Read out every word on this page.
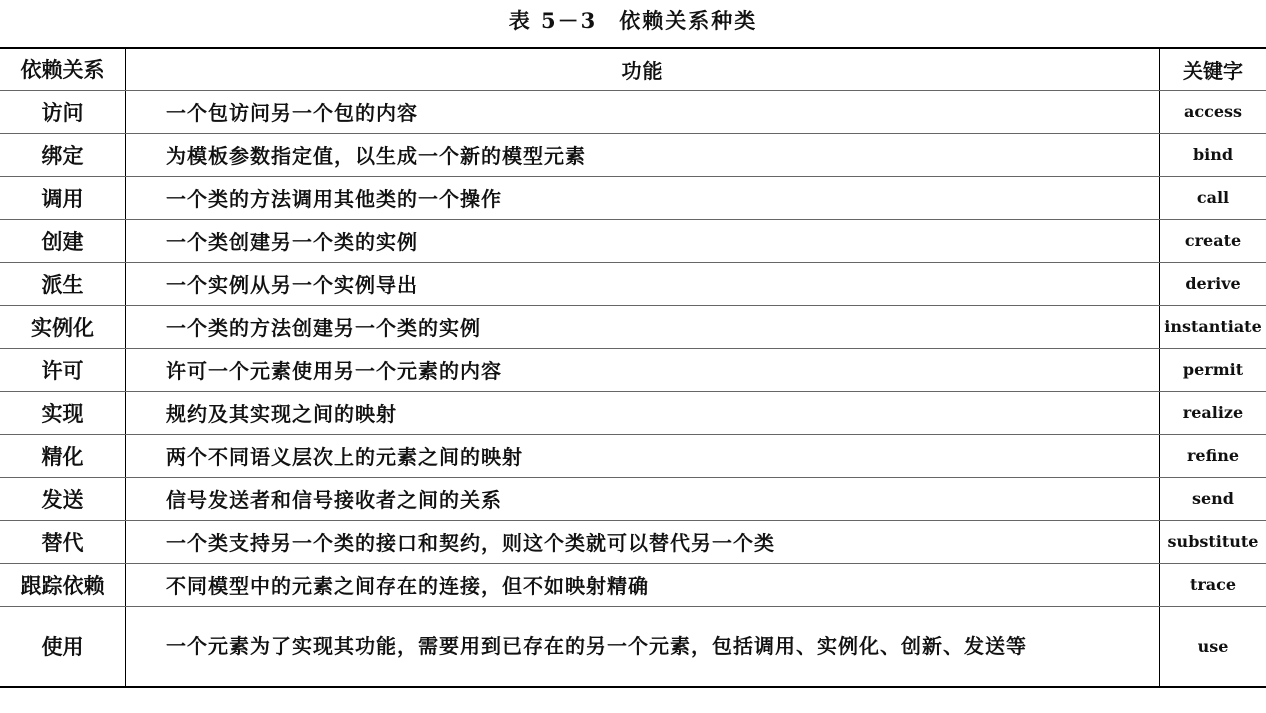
表 5－3 依赖关系种类
依赖关系	功能	关键字
访问	一个包访问另一个包的内容	access
绑定	为模板参数指定值，以生成一个新的模型元素	bind
调用	一个类的方法调用其他类的一个操作	call
创建	一个类创建另一个类的实例	create
派生	一个实例从另一个实例导出	derive
实例化	一个类的方法创建另一个类的实例	instantiate
许可	许可一个元素使用另一个元素的内容	permit
实现	规约及其实现之间的映射	realize
精化	两个不同语义层次上的元素之间的映射	refine
发送	信号发送者和信号接收者之间的关系	send
替代	一个类支持另一个类的接口和契约，则这个类就可以替代另一个类	substitute
跟踪依赖	不同模型中的元素之间存在的连接，但不如映射精确	trace
使用	一个元素为了实现其功能，需要用到已存在的另一个元素，包括调用、实例化、创新、发送等	use
